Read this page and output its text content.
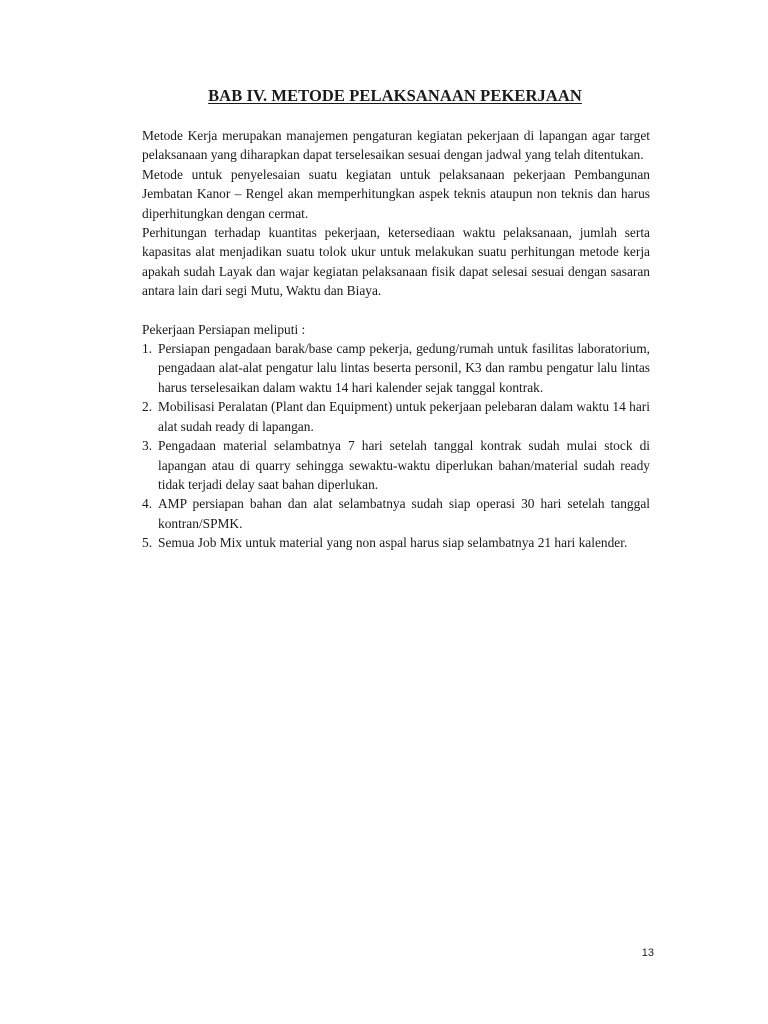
BAB IV. METODE PELAKSANAAN PEKERJAAN

Metode Kerja merupakan manajemen pengaturan kegiatan pekerjaan di lapangan agar target pelaksanaan yang diharapkan dapat terselesaikan sesuai dengan jadwal yang telah ditentukan.

Metode untuk penyelesaian suatu kegiatan untuk pelaksanaan pekerjaan Pembangunan Jembatan Kanor – Rengel akan memperhitungkan aspek teknis ataupun non teknis dan harus diperhitungkan dengan cermat.

Perhitungan terhadap kuantitas pekerjaan, ketersediaan waktu pelaksanaan, jumlah serta kapasitas alat menjadikan suatu tolok ukur untuk melakukan suatu perhitungan metode kerja apakah sudah Layak dan wajar kegiatan pelaksanaan fisik dapat selesai sesuai dengan sasaran antara lain dari segi Mutu, Waktu dan Biaya.

Pekerjaan Persiapan meliputi :

1. Persiapan pengadaan barak/base camp pekerja, gedung/rumah untuk fasilitas laboratorium, pengadaan alat-alat pengatur lalu lintas beserta personil, K3 dan rambu pengatur lalu lintas harus terselesaikan dalam waktu 14 hari kalender sejak tanggal kontrak.
2. Mobilisasi Peralatan (Plant dan Equipment) untuk pekerjaan pelebaran dalam waktu 14 hari alat sudah ready di lapangan.
3. Pengadaan material selambatnya 7 hari setelah tanggal kontrak sudah mulai stock di lapangan atau di quarry sehingga sewaktu-waktu diperlukan bahan/material sudah ready tidak terjadi delay saat bahan diperlukan.
4. AMP persiapan bahan dan alat selambatnya sudah siap operasi 30 hari setelah tanggal kontran/SPMK.
5. Semua Job Mix untuk material yang non aspal harus siap selambatnya 21 hari kalender.
13
